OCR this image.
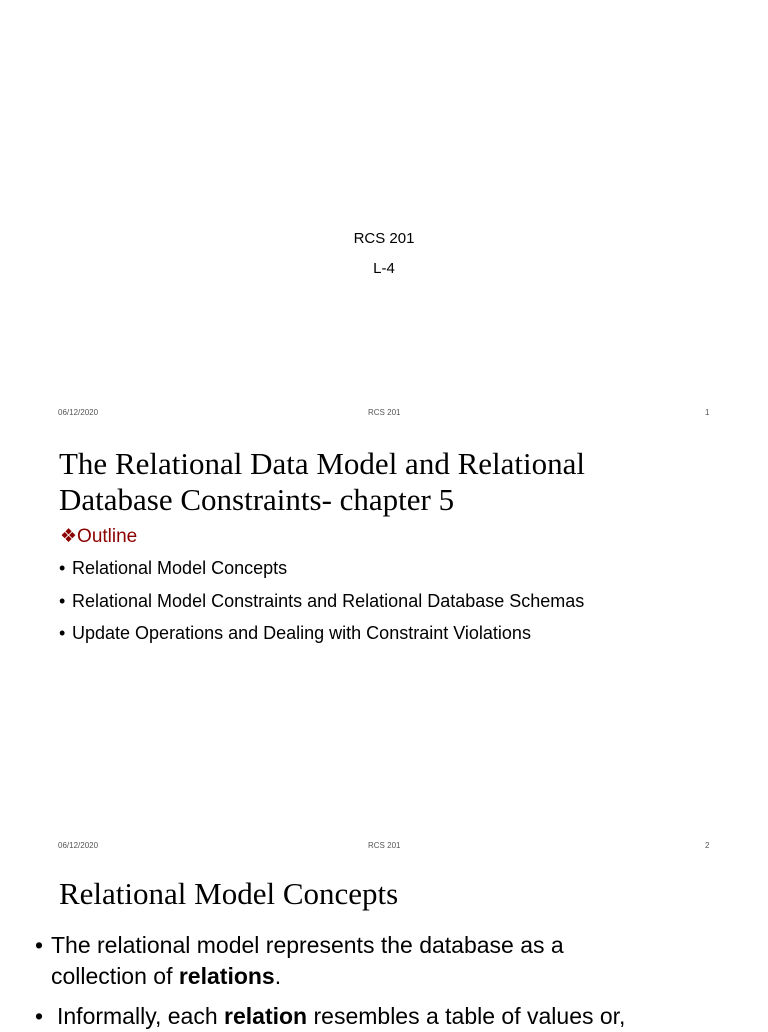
RCS 201
L-4
06/12/2020	RCS 201	1
The Relational Data Model and Relational Database Constraints- chapter 5
❖Outline
• Relational Model Concepts
• Relational Model Constraints and Relational Database Schemas
• Update Operations and Dealing with Constraint Violations
06/12/2020	RCS 201	2
Relational Model Concepts
• The relational model represents the database as a collection of relations.
• Informally, each relation resembles a table of values or,
